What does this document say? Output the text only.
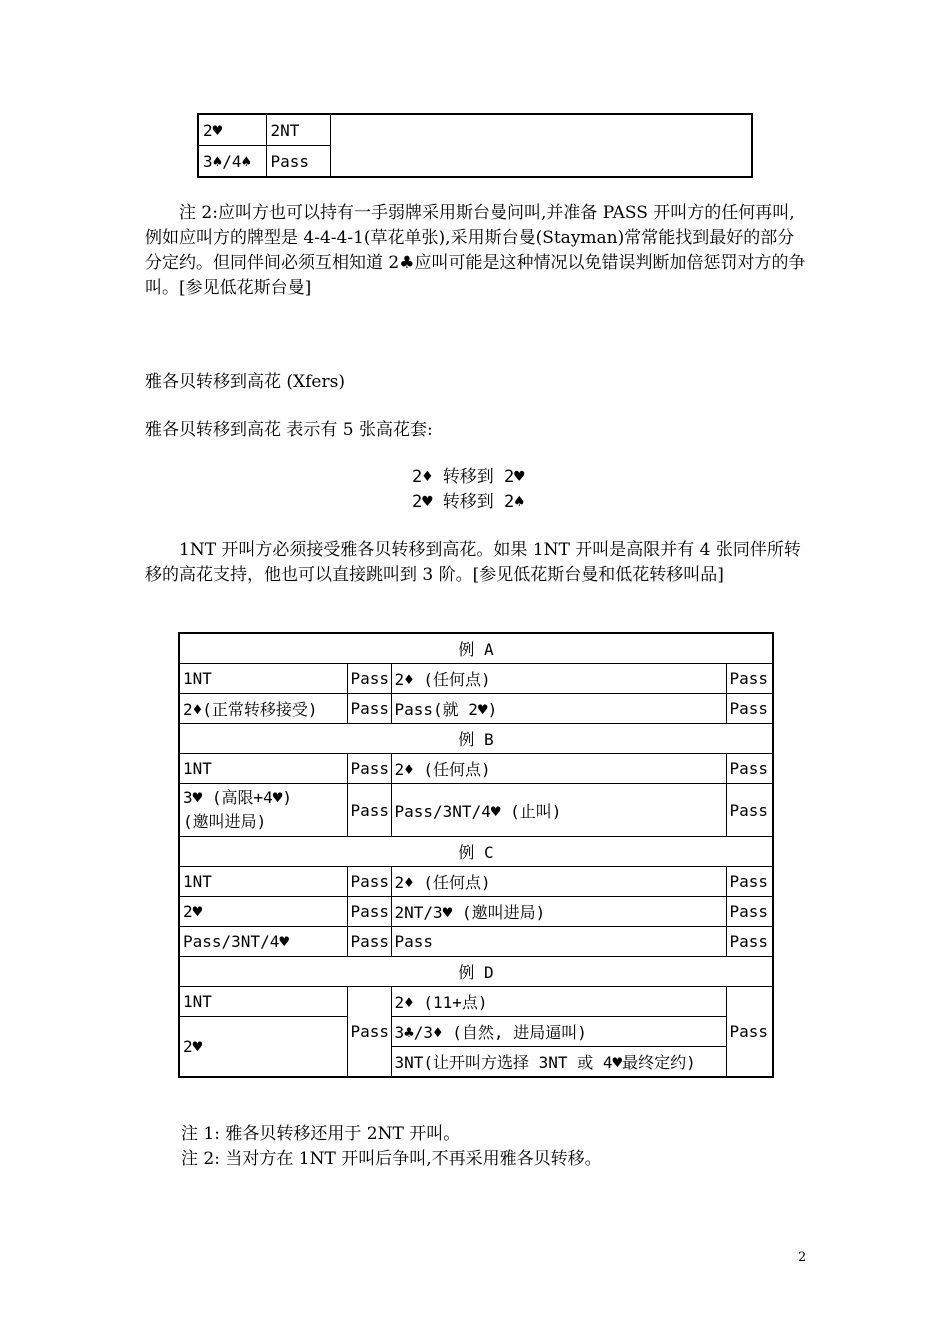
2♥	2NT	
3♠/4♠	Pass	

注 2:应叫方也可以持有一手弱牌采用斯台曼问叫,并准备 PASS 开叫方的任何再叫,例如应叫方的牌型是 4-4-4-1(草花单张),采用斯台曼(Stayman)常常能找到最好的部分分定约。但同伴间必须互相知道 2♣应叫可能是这种情况以免错误判断加倍惩罚对方的争叫。[参见低花斯台曼]

雅各贝转移到高花 (Xfers)

雅各贝转移到高花 表示有 5 张高花套:

2♦ 转移到 2♥

2♥ 转移到 2♠

1NT 开叫方必须接受雅各贝转移到高花。如果 1NT 开叫是高限并有 4 张同伴所转移的高花支持，他也可以直接跳叫到 3 阶。[参见低花斯台曼和低花转移叫品]

例 A			
1NT	Pass	2♦ (任何点)	Pass
2♦(正常转移接受)	Pass	Pass(就 2♥)	Pass
例 B			
1NT	Pass	2♦ (任何点)	Pass
3♥ (高限+4♥)
(邀叫进局)	Pass	Pass/3NT/4♥ (止叫)	Pass
例 C			
1NT	Pass	2♦ (任何点)	Pass
2♥	Pass	2NT/3♥ (邀叫进局)	Pass
Pass/3NT/4♥	Pass	Pass	Pass
例 D			
1NT	Pass	2♦ (11+点)	Pass
2♥		3♣/3♦ (自然, 进局逼叫)	
		3NT(让开叫方选择 3NT 或 4♥最终定约)	

注 1: 雅各贝转移还用于 2NT 开叫。

注 2: 当对方在 1NT 开叫后争叫,不再采用雅各贝转移。

2
